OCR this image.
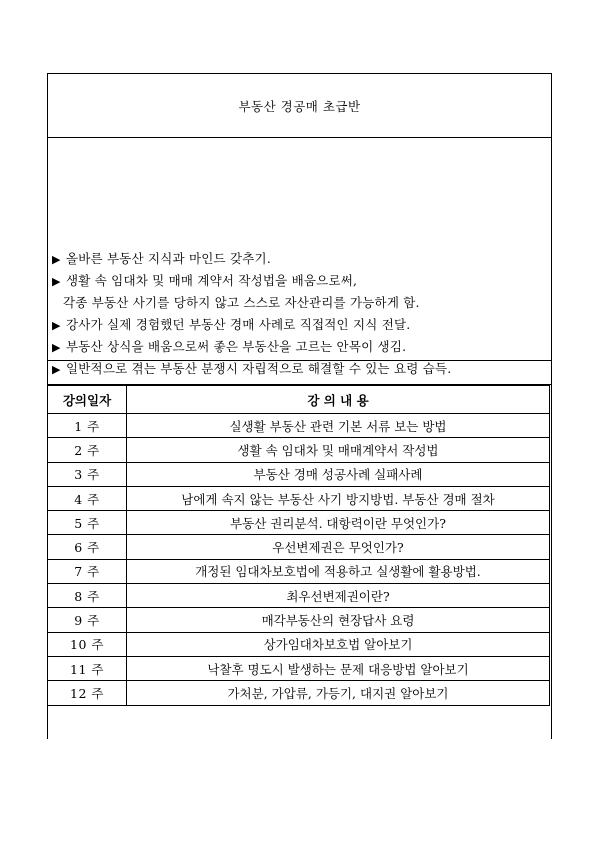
부동산 경공매 초급반
▶ 올바른 부동산 지식과 마인드 갖추기.
▶ 생활 속 임대차 및 매매 계약서 작성법을 배움으로써,
각종 부동산 사기를 당하지 않고 스스로 자산관리를 가능하게 함.
▶ 강사가 실제 경험했던 부동산 경매 사례로 직접적인 지식 전달.
▶ 부동산 상식을 배움으로써 좋은 부동산을 고르는 안목이 생김.
▶ 일반적으로 겪는 부동산 분쟁시 자립적으로 해결할 수 있는 요령 습득.
강의일자	강 의 내 용
1 주	실생활 부동산 관련 기본 서류 보는 방법
2 주	생활 속 임대차 및 매매계약서 작성법
3 주	부동산 경매 성공사례 실패사례
4 주	남에게 속지 않는 부동산 사기 방지방법. 부동산 경매 절차
5 주	부동산 권리분석. 대항력이란 무엇인가?
6 주	우선변제권은 무엇인가?
7 주	개정된 임대차보호법에 적용하고 실생활에 활용방법.
8 주	최우선변제권이란?
9 주	매각부동산의 현장답사 요령
10 주	상가임대차보호법 알아보기
11 주	낙찰후 명도시 발생하는 문제 대응방법 알아보기
12 주	가처분, 가압류, 가등기, 대지권 알아보기
